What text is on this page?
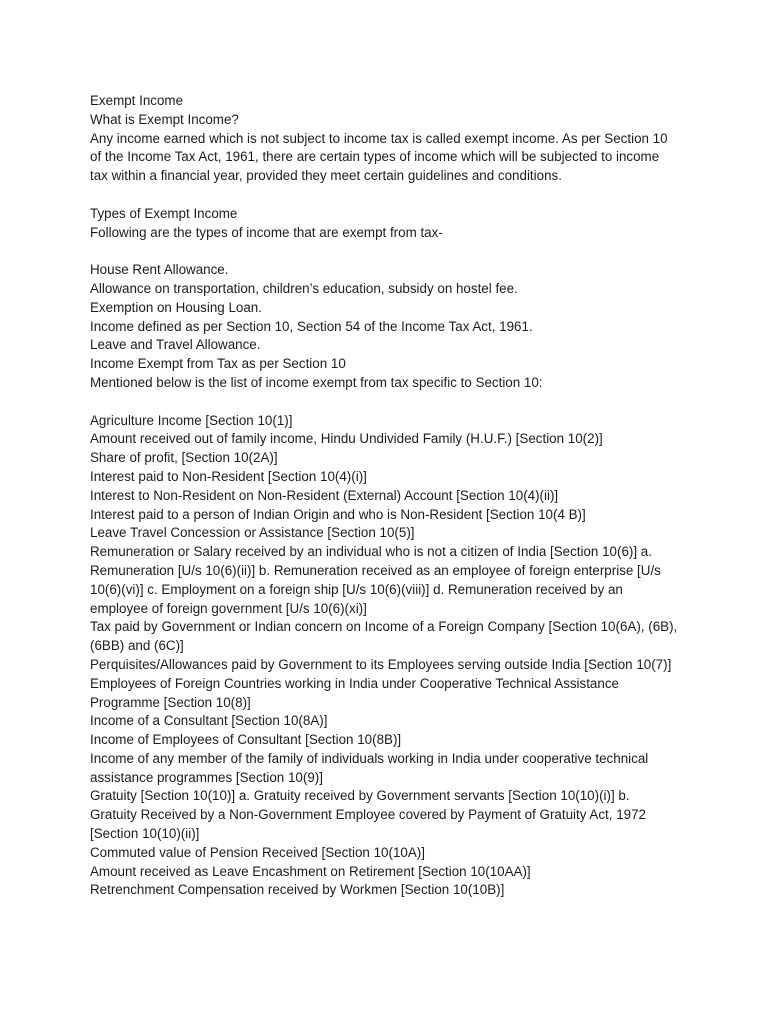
Exempt Income

What is Exempt Income?

Any income earned which is not subject to income tax is called exempt income. As per Section 10 of the Income Tax Act, 1961, there are certain types of income which will be subjected to income tax within a financial year, provided they meet certain guidelines and conditions.

Types of Exempt Income

Following are the types of income that are exempt from tax-

House Rent Allowance.

Allowance on transportation, children’s education, subsidy on hostel fee.

Exemption on Housing Loan.

Income defined as per Section 10, Section 54 of the Income Tax Act, 1961.

Leave and Travel Allowance.

Income Exempt from Tax as per Section 10

Mentioned below is the list of income exempt from tax specific to Section 10:

Agriculture Income [Section 10(1)]

Amount received out of family income, Hindu Undivided Family (H.U.F.) [Section 10(2)]

Share of profit, [Section 10(2A)]

Interest paid to Non-Resident [Section 10(4)(i)]

Interest to Non-Resident on Non-Resident (External) Account [Section 10(4)(ii)]

Interest paid to a person of Indian Origin and who is Non-Resident [Section 10(4 B)]

Leave Travel Concession or Assistance [Section 10(5)]

Remuneration or Salary received by an individual who is not a citizen of India [Section 10(6)] a. Remuneration [U/s 10(6)(ii)] b. Remuneration received as an employee of foreign enterprise [U/s 10(6)(vi)] c. Employment on a foreign ship [U/s 10(6)(viii)] d. Remuneration received by an employee of foreign government [U/s 10(6)(xi)]

Tax paid by Government or Indian concern on Income of a Foreign Company [Section 10(6A), (6B), (6BB) and (6C)]

Perquisites/Allowances paid by Government to its Employees serving outside India [Section 10(7)]

Employees of Foreign Countries working in India under Cooperative Technical Assistance Programme [Section 10(8)]

Income of a Consultant [Section 10(8A)]

Income of Employees of Consultant [Section 10(8B)]

Income of any member of the family of individuals working in India under cooperative technical assistance programmes [Section 10(9)]

Gratuity [Section 10(10)] a. Gratuity received by Government servants [Section 10(10)(i)] b. Gratuity Received by a Non-Government Employee covered by Payment of Gratuity Act, 1972 [Section 10(10)(ii)]

Commuted value of Pension Received [Section 10(10A)]

Amount received as Leave Encashment on Retirement [Section 10(10AA)]

Retrenchment Compensation received by Workmen [Section 10(10B)]
